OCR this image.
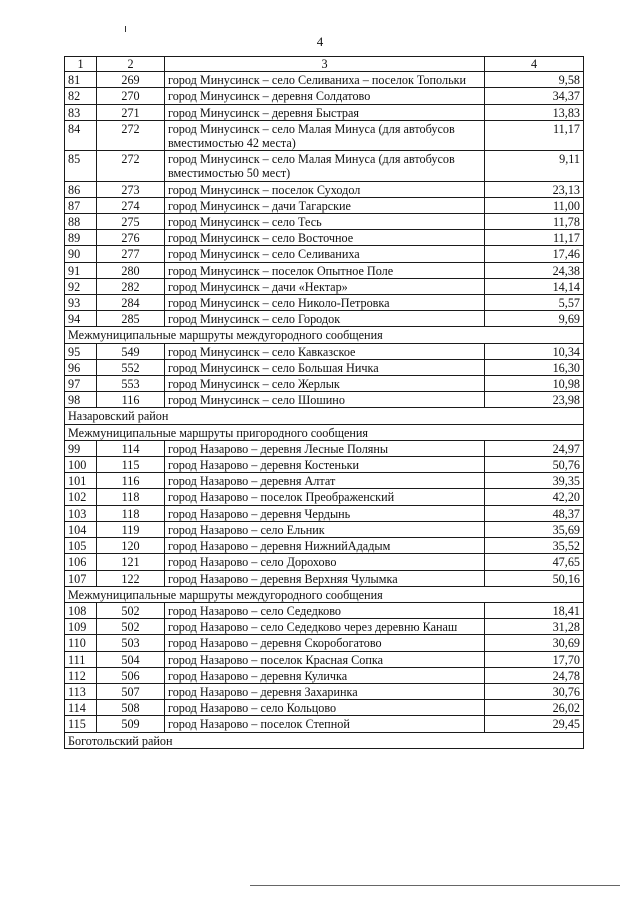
4
1	2	3	4
81	269	город Минусинск – село Селиваниха – поселок Топольки	9,58
82	270	город Минусинск – деревня Солдатово	34,37
83	271	город Минусинск – деревня Быстрая	13,83
84	272	город Минусинск – село Малая Минуса (для автобусов вместимостью 42 места)	11,17
85	272	город Минусинск – село Малая Минуса (для автобусов вместимостью 50 мест)	9,11
86	273	город Минусинск – поселок Суходол	23,13
87	274	город Минусинск – дачи Тагарские	11,00
88	275	город Минусинск – село Тесь	11,78
89	276	город Минусинск – село Восточное	11,17
90	277	город Минусинск – село Селиваниха	17,46
91	280	город Минусинск – поселок Опытное Поле	24,38
92	282	город Минусинск – дачи «Нектар»	14,14
93	284	город Минусинск – село Николо-Петровка	5,57
94	285	город Минусинск – село Городок	9,69
Межмуниципальные маршруты междугородного сообщения			
95	549	город Минусинск – село Кавказское	10,34
96	552	город Минусинск – село Большая Ничка	16,30
97	553	город Минусинск – село Жерлык	10,98
98	116	город Минусинск – село Шошино	23,98
Назаровский район			
Межмуниципальные маршруты пригородного сообщения			
99	114	город Назарово – деревня Лесные Поляны	24,97
100	115	город Назарово – деревня Костеньки	50,76
101	116	город Назарово – деревня Алтат	39,35
102	118	город Назарово – поселок Преображенский	42,20
103	118	город Назарово – деревня Чердынь	48,37
104	119	город Назарово – село Ельник	35,69
105	120	город Назарово – деревня НижнийАдадым	35,52
106	121	город Назарово – село Дорохово	47,65
107	122	город Назарово – деревня Верхняя Чулымка	50,16
Межмуниципальные маршруты междугородного сообщения			
108	502	город Назарово – село Седедково	18,41
109	502	город Назарово – село Седедково через деревню Канаш	31,28
110	503	город Назарово – деревня Скоробогатово	30,69
111	504	город Назарово – поселок Красная Сопка	17,70
112	506	город Назарово – деревня Куличка	24,78
113	507	город Назарово – деревня Захаринка	30,76
114	508	город Назарово – село Кольцово	26,02
115	509	город Назарово – поселок Степной	29,45
Боготольский район			
